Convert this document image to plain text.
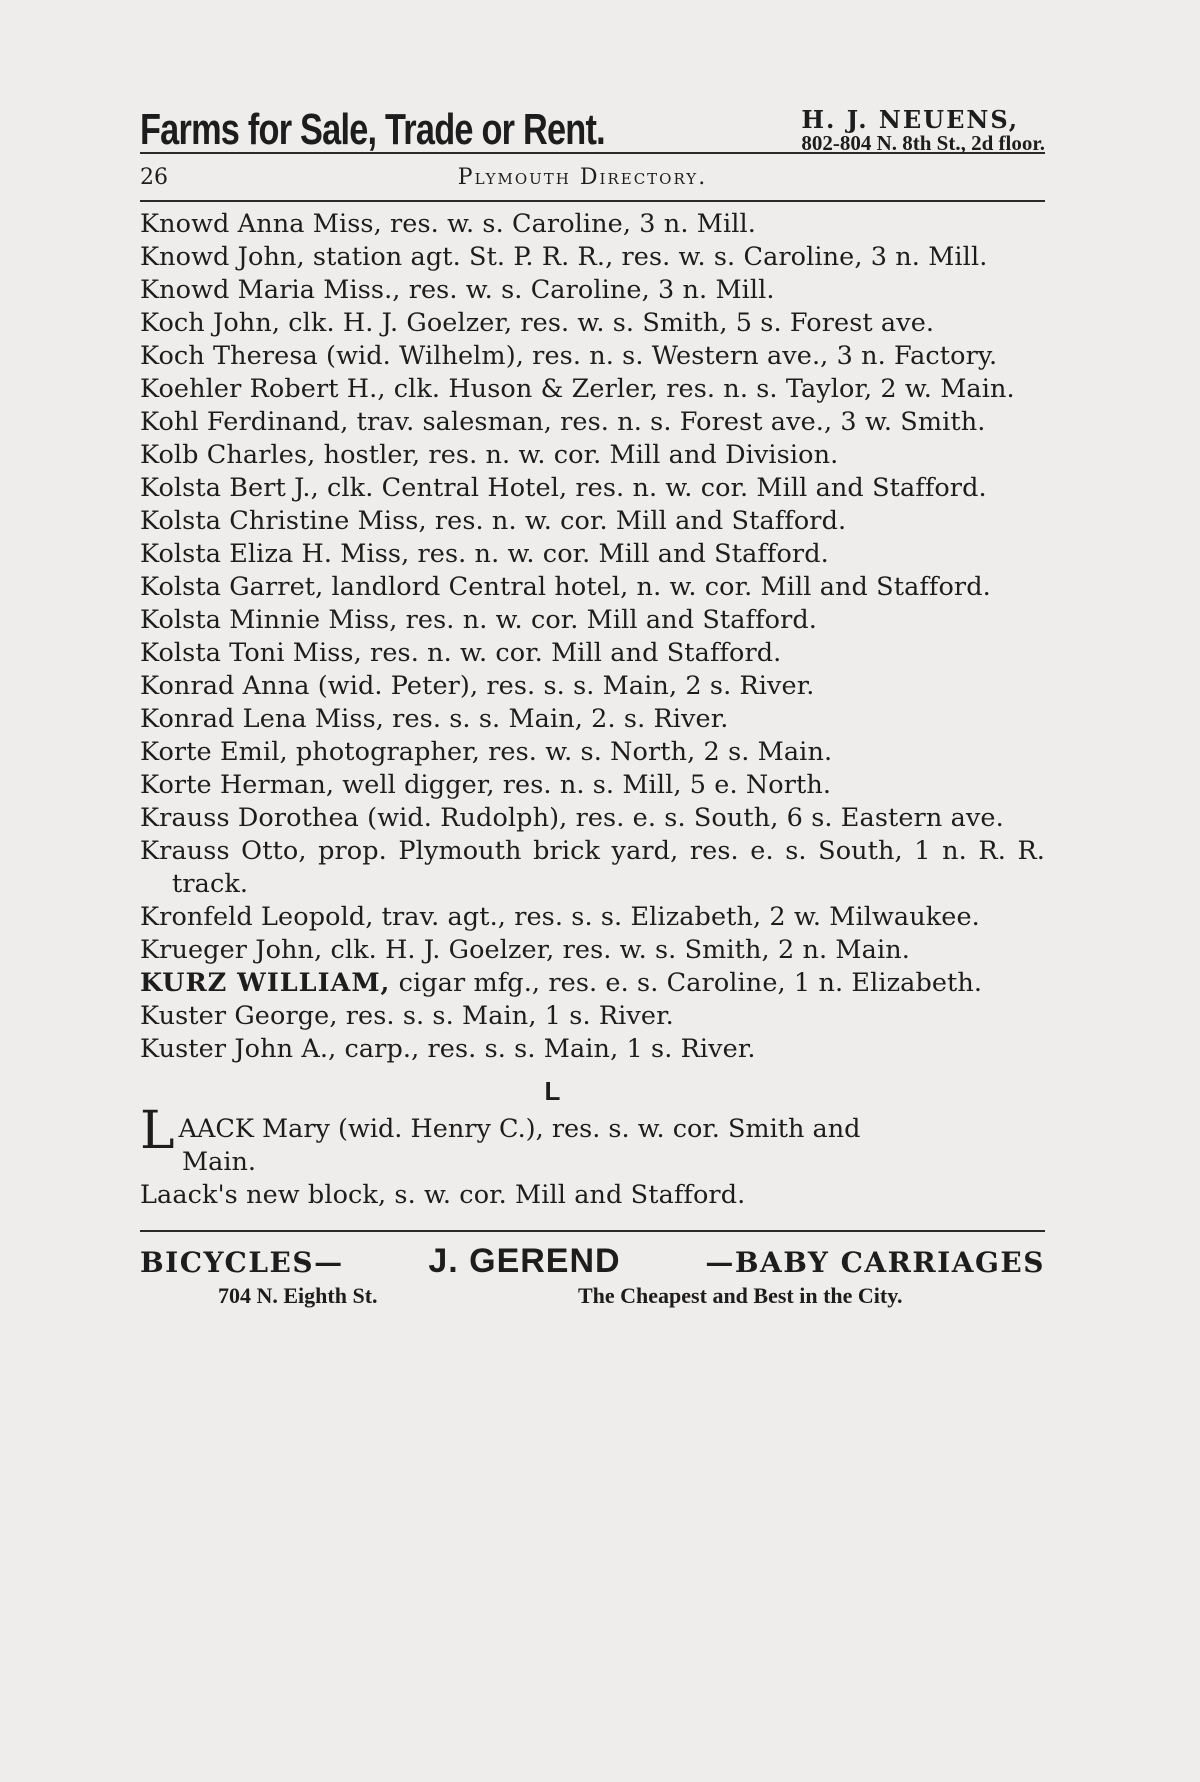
Farms for Sale, Trade or Rent.	H. J. NEUENS,
802-804 N. 8th St., 2d floor.
26	Plymouth Directory.
Knowd Anna Miss, res. w. s. Caroline, 3 n. Mill.
Knowd John, station agt. St. P. R. R., res. w. s. Caroline, 3 n. Mill.
Knowd Maria Miss., res. w. s. Caroline, 3 n. Mill.
Koch John, clk. H. J. Goelzer, res. w. s. Smith, 5 s. Forest ave.
Koch Theresa (wid. Wilhelm), res. n. s. Western ave., 3 n. Factory.
Koehler Robert H., clk. Huson & Zerler, res. n. s. Taylor, 2 w. Main.
Kohl Ferdinand, trav. salesman, res. n. s. Forest ave., 3 w. Smith.
Kolb Charles, hostler, res. n. w. cor. Mill and Division.
Kolsta Bert J., clk. Central Hotel, res. n. w. cor. Mill and Stafford.
Kolsta Christine Miss, res. n. w. cor. Mill and Stafford.
Kolsta Eliza H. Miss, res. n. w. cor. Mill and Stafford.
Kolsta Garret, landlord Central hotel, n. w. cor. Mill and Stafford.
Kolsta Minnie Miss, res. n. w. cor. Mill and Stafford.
Kolsta Toni Miss, res. n. w. cor. Mill and Stafford.
Konrad Anna (wid. Peter), res. s. s. Main, 2 s. River.
Konrad Lena Miss, res. s. s. Main, 2. s. River.
Korte Emil, photographer, res. w. s. North, 2 s. Main.
Korte Herman, well digger, res. n. s. Mill, 5 e. North.
Krauss Dorothea (wid. Rudolph), res. e. s. South, 6 s. Eastern ave.
Krauss Otto, prop. Plymouth brick yard, res. e. s. South, 1 n. R. R. track.
Kronfeld Leopold, trav. agt., res. s. s. Elizabeth, 2 w. Milwaukee.
Krueger John, clk. H. J. Goelzer, res. w. s. Smith, 2 n. Main.
KURZ WILLIAM, cigar mfg., res. e. s. Caroline, 1 n. Elizabeth.
Kuster George, res. s. s. Main, 1 s. River.
Kuster John A., carp., res. s. s. Main, 1 s. River.
L
L AACK Mary (wid. Henry C.), res. s. w. cor. Smith and
Main.
Laack's new block, s. w. cor. Mill and Stafford.
BICYCLES— J. GEREND	—BABY CARRIAGES
704 N. Eighth St.	The Cheapest and Best in the City.
